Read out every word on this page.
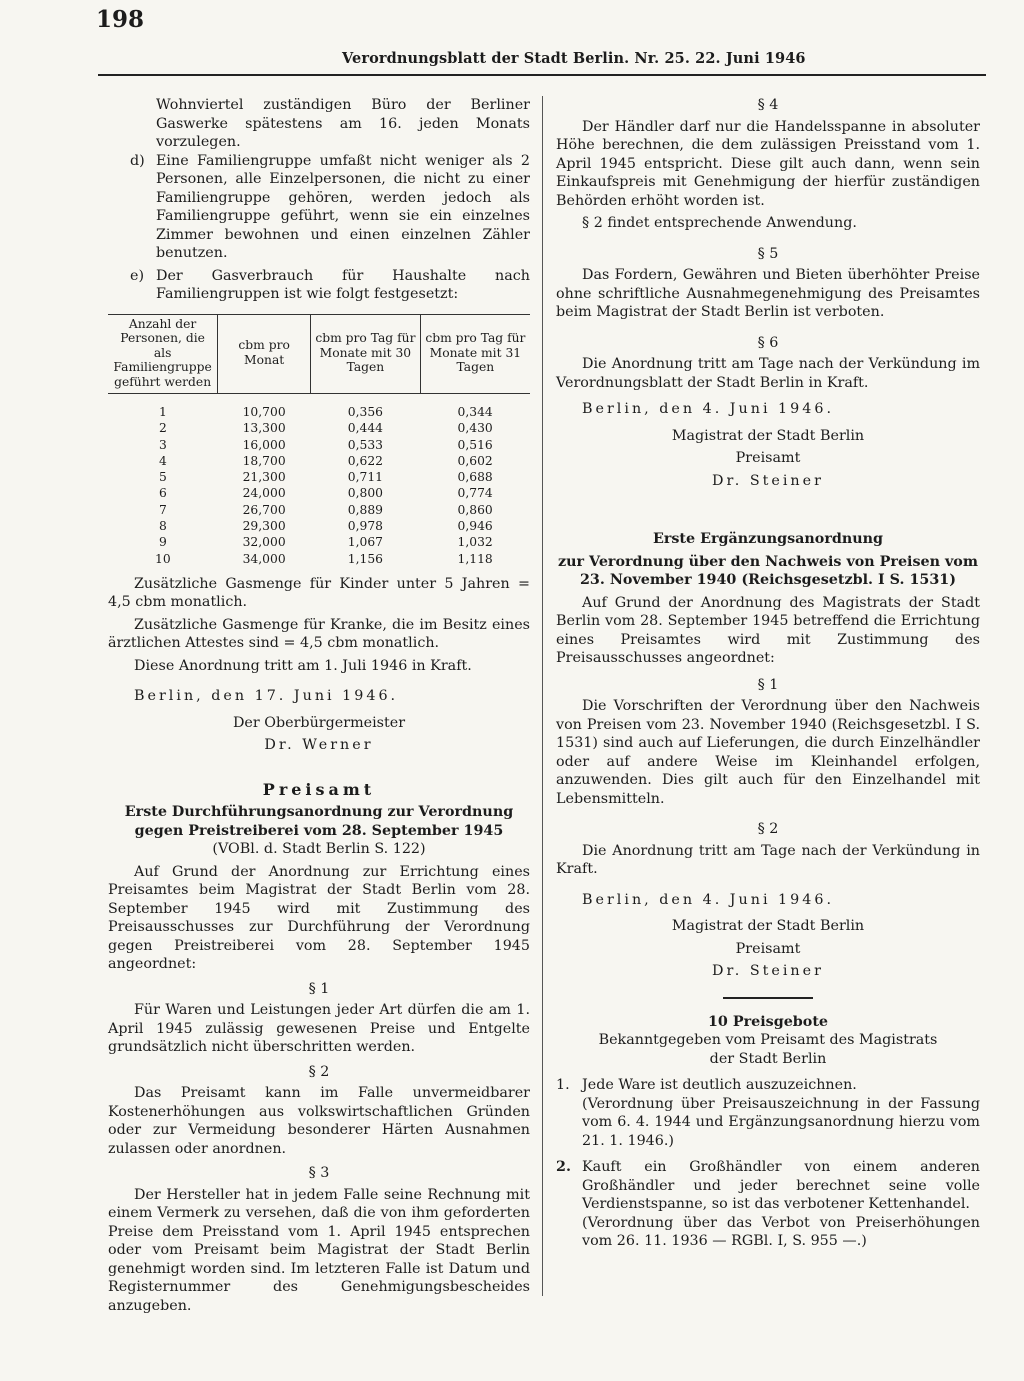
198
Verordnungsblatt der Stadt Berlin. Nr. 25. 22. Juni 1946

Wohnviertel zuständigen Büro der Berliner Gaswerke spätestens am 16. jeden Monats vorzulegen.

d) Eine Familiengruppe umfaßt nicht weniger als 2 Personen, alle Einzelpersonen, die nicht zu einer Familiengruppe gehören, werden jedoch als Familiengruppe geführt, wenn sie ein einzelnes Zimmer bewohnen und einen einzelnen Zähler benutzen.
e) Der Gasverbrauch für Haushalte nach Familiengruppen ist wie folgt festgesetzt:
Anzahl der Personen, die als Familiengruppe geführt werden	cbm pro Monat	cbm pro Tag für Monate mit 30 Tagen	cbm pro Tag für Monate mit 31 Tagen
1	10,700	0,356	0,344
2	13,300	0,444	0,430
3	16,000	0,533	0,516
4	18,700	0,622	0,602
5	21,300	0,711	0,688
6	24,000	0,800	0,774
7	26,700	0,889	0,860
8	29,300	0,978	0,946
9	32,000	1,067	1,032
10	34,000	1,156	1,118

Zusätzliche Gasmenge für Kinder unter 5 Jahren = 4,5 cbm monatlich.

Zusätzliche Gasmenge für Kranke, die im Besitz eines ärztlichen Attestes sind = 4,5 cbm monatlich.

Diese Anordnung tritt am 1. Juli 1946 in Kraft.

Berlin, den 17. Juni 1946.

Der Oberbürgermeister

Dr. Werner

Preisamt

Erste Durchführungsanordnung zur Verordnung gegen Preistreiberei vom 28. September 1945

(VOBl. d. Stadt Berlin S. 122)

Auf Grund der Anordnung zur Errichtung eines Preisamtes beim Magistrat der Stadt Berlin vom 28. September 1945 wird mit Zustimmung des Preisausschusses zur Durchführung der Verordnung gegen Preistreiberei vom 28. September 1945 angeordnet:

§ 1

Für Waren und Leistungen jeder Art dürfen die am 1. April 1945 zulässig gewesenen Preise und Entgelte grundsätzlich nicht überschritten werden.

§ 2

Das Preisamt kann im Falle unvermeidbarer Kostenerhöhungen aus volkswirtschaftlichen Gründen oder zur Vermeidung besonderer Härten Ausnahmen zulassen oder anordnen.

§ 3

Der Hersteller hat in jedem Falle seine Rechnung mit einem Vermerk zu versehen, daß die von ihm geforderten Preise dem Preisstand vom 1. April 1945 entsprechen oder vom Preisamt beim Magistrat der Stadt Berlin genehmigt worden sind. Im letzteren Falle ist Datum und Registernummer des Genehmigungsbescheides anzugeben.

§ 4

Der Händler darf nur die Handelsspanne in absoluter Höhe berechnen, die dem zulässigen Preisstand vom 1. April 1945 entspricht. Diese gilt auch dann, wenn sein Einkaufspreis mit Genehmigung der hierfür zuständigen Behörden erhöht worden ist.

§ 2 findet entsprechende Anwendung.

§ 5

Das Fordern, Gewähren und Bieten überhöhter Preise ohne schriftliche Ausnahmegenehmigung des Preisamtes beim Magistrat der Stadt Berlin ist verboten.

§ 6

Die Anordnung tritt am Tage nach der Verkündung im Verordnungsblatt der Stadt Berlin in Kraft.

Berlin, den 4. Juni 1946.

Magistrat der Stadt Berlin

Preisamt

Dr. Steiner

Erste Ergänzungsanordnung

zur Verordnung über den Nachweis von Preisen vom 23. November 1940 (Reichsgesetzbl. I S. 1531)

Auf Grund der Anordnung des Magistrats der Stadt Berlin vom 28. September 1945 betreffend die Errichtung eines Preisamtes wird mit Zustimmung des Preisausschusses angeordnet:

§ 1

Die Vorschriften der Verordnung über den Nachweis von Preisen vom 23. November 1940 (Reichsgesetzbl. I S. 1531) sind auch auf Lieferungen, die durch Einzelhändler oder auf andere Weise im Kleinhandel erfolgen, anzuwenden. Dies gilt auch für den Einzelhandel mit Lebensmitteln.

§ 2

Die Anordnung tritt am Tage nach der Verkündung in Kraft.

Berlin, den 4. Juni 1946.

Magistrat der Stadt Berlin

Preisamt

Dr. Steiner

10 Preisgebote

Bekanntgegeben vom Preisamt des Magistrats der Stadt Berlin

1. Jede Ware ist deutlich auszuzeichnen.

(Verordnung über Preisauszeichnung in der Fassung vom 6. 4. 1944 und Ergänzungsanordnung hierzu vom 21. 1. 1946.)

2. Kauft ein Großhändler von einem anderen Großhändler und jeder berechnet seine volle Verdienstspanne, so ist das verbotener Kettenhandel.

(Verordnung über das Verbot von Preiserhöhungen vom 26. 11. 1936 — RGBl. I, S. 955 —.)
